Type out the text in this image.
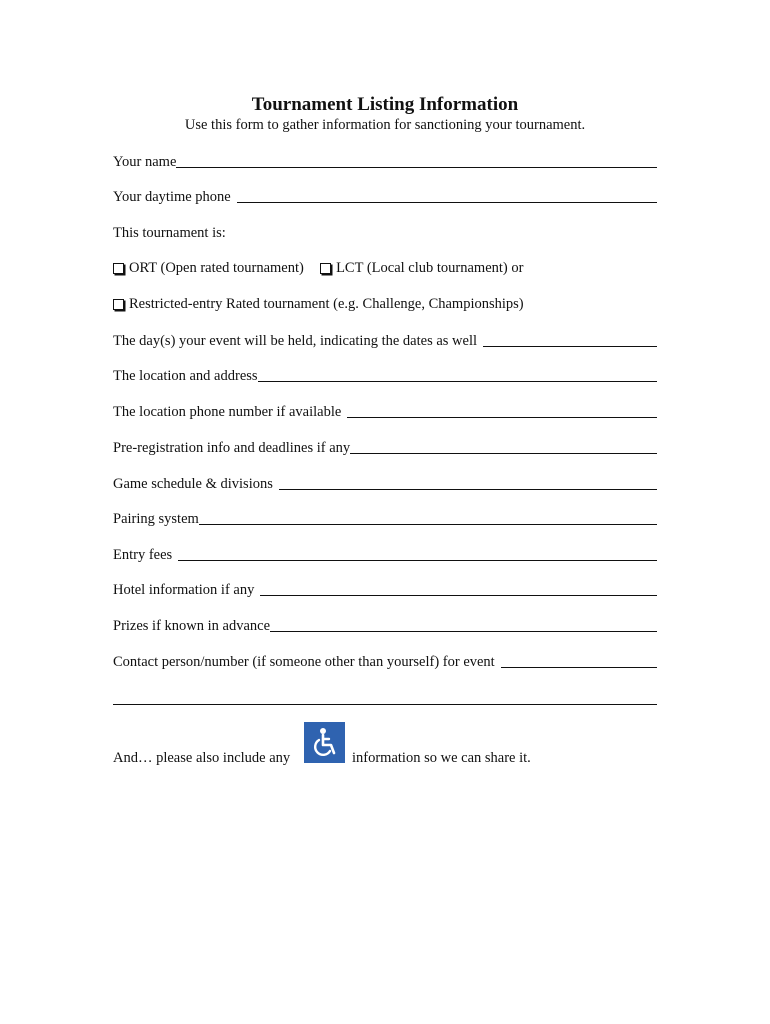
Tournament Listing Information
Use this form to gather information for sanctioning your tournament.
Your name
Your daytime phone
This tournament is:
ORT (Open rated tournament)
LCT (Local club tournament) or
Restricted-entry Rated tournament (e.g. Challenge, Championships)
The day(s) your event will be held, indicating the dates as well
The location and address
The location phone number if available
Pre-registration info and deadlines if any
Game schedule & divisions
Pairing system
Entry fees
Hotel information if any
Prizes if known in advance
Contact person/number (if someone other than yourself) for event
And… please also include any	information so we can share it.
